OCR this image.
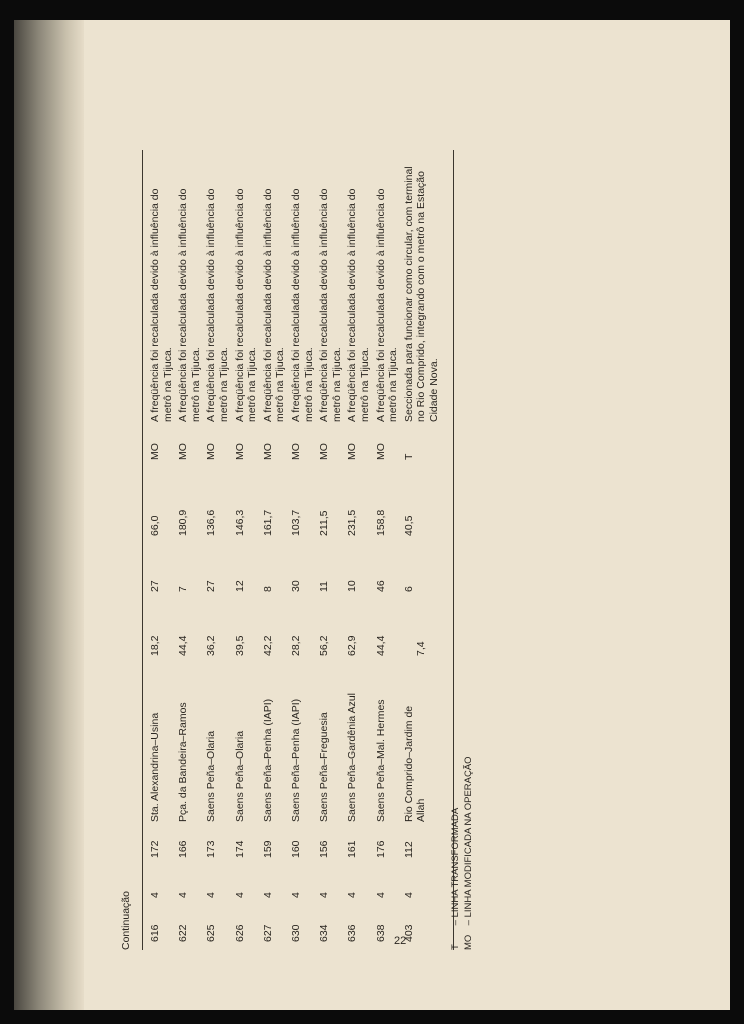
Continuação 616
4
172
Sta. Alexandrina–Usina
18,2
27
66,0
MO
A freqüência foi recalculada devido à influência do metrô na Tijuca.
622
4
166
Pça. da Bandeira–Ramos
44,4
7
180,9
MO
A freqüência foi recalculada devido à influência do metrô na Tijuca.
625
4
173
Saens Peña–Olaria
36,2
27
136,6
MO
A freqüência foi recalculada devido à influência do metrô na Tijuca.
626
4
174
Saens Peña–Olaria
39,5
12
146,3
MO
A freqüência foi recalculada devido à influência do metrô na Tijuca.
627
4
159
Saens Peña–Penha (IAPI)
42,2
8
161,7
MO
A freqüência foi recalculada devido à influência do metrô na Tijuca.
630
4
160
Saens Peña–Penha (IAPI)
28,2
30
103,7
MO
A freqüência foi recalculada devido à influência do metrô na Tijuca.
634
4
156
Saens Peña–Freguesia
56,2
11
211,5
MO
A freqüência foi recalculada devido à influência do metrô na Tijuca.
636
4
161
Saens Peña–Gardênia Azul
62,9
10
231,5
MO
A freqüência foi recalculada devido à influência do metrô na Tijuca.
638
4
176
Saens Peña–Mal. Hermes
44,4
46
158,8
MO
A freqüência foi recalculada devido à influência do metrô na Tijuca.
403
4
112
Rio Comprido–Jardim de Allah
7,4
6
40,5
T
Seccionada para funcionar como circular, com terminal no Rio Comprido, integrando com o metrô na Estação Cidade Nova.
T – LINHA TRANSFORMADA
MO – LINHA MODIFICADA NA OPERAÇÃO
22
